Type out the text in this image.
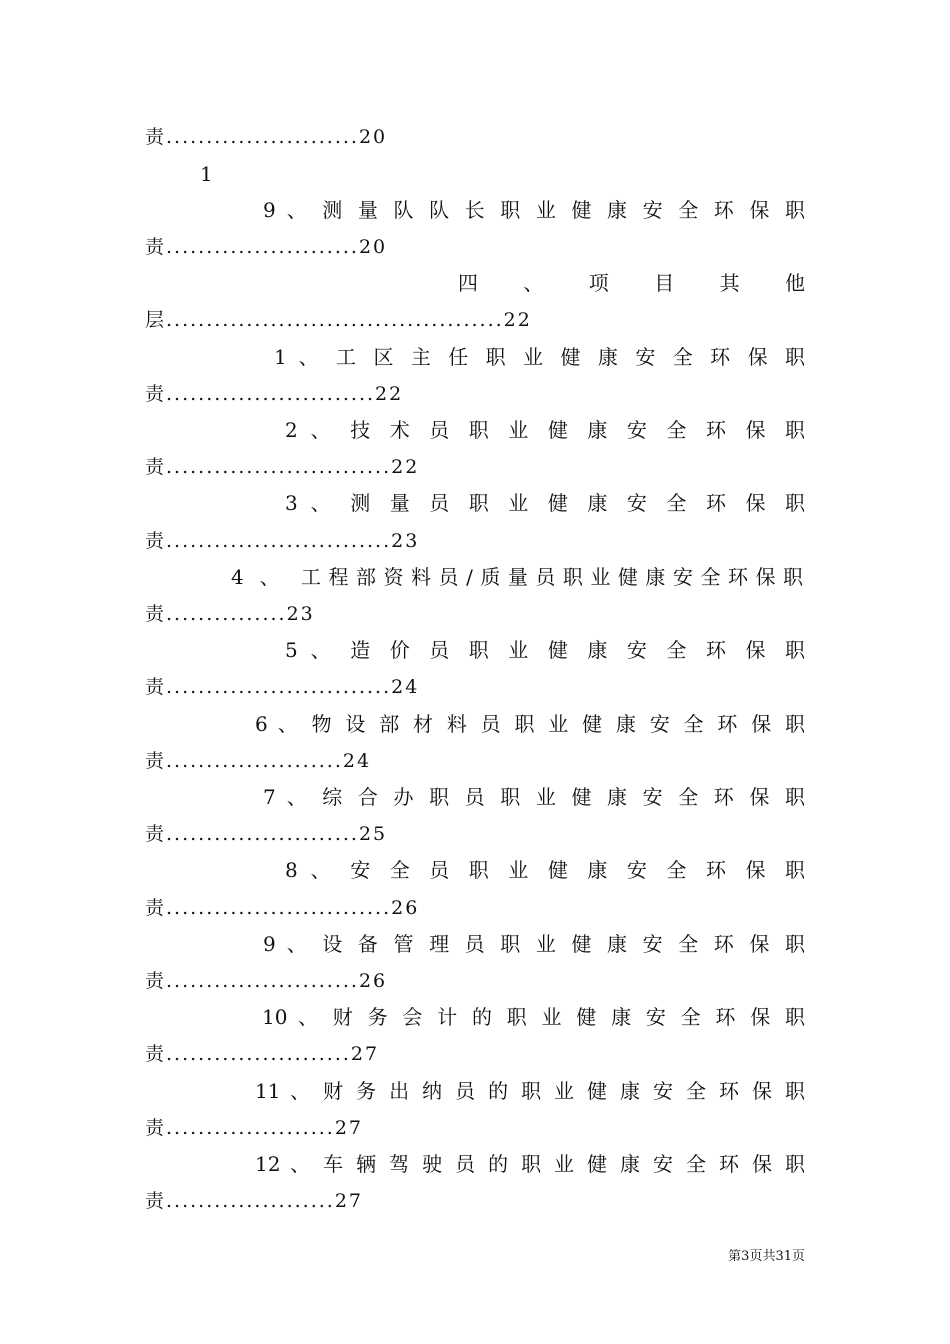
责........................20
1
9 、 测 量 队 队 长 职 业 健 康 安 全 环 保 职
责........................20
四 、 项 目 其 他
层..........................................22
1 、 工 区 主 任 职 业 健 康 安 全 环 保 职
责..........................22
2 、 技 术 员 职 业 健 康 安 全 环 保 职
责............................22
3 、 测 量 员 职 业 健 康 安 全 环 保 职
责............................23
4 、 工程部资料员/质量员职业健康安全环保职
责...............23
5 、 造 价 员 职 业 健 康 安 全 环 保 职
责............................24
6 、 物 设 部 材 料 员 职 业 健 康 安 全 环 保 职
责......................24
7 、 综 合 办 职 员 职 业 健 康 安 全 环 保 职
责........................25
8 、 安 全 员 职 业 健 康 安 全 环 保 职
责............................26
9 、 设 备 管 理 员 职 业 健 康 安 全 环 保 职
责........................26
10 、 财 务 会 计 的 职 业 健 康 安 全 环 保 职
责.......................27
11 、 财 务 出 纳 员 的 职 业 健 康 安 全 环 保 职
责.....................27
12 、 车 辆 驾 驶 员 的 职 业 健 康 安 全 环 保 职
责.....................27
第3页共31页
